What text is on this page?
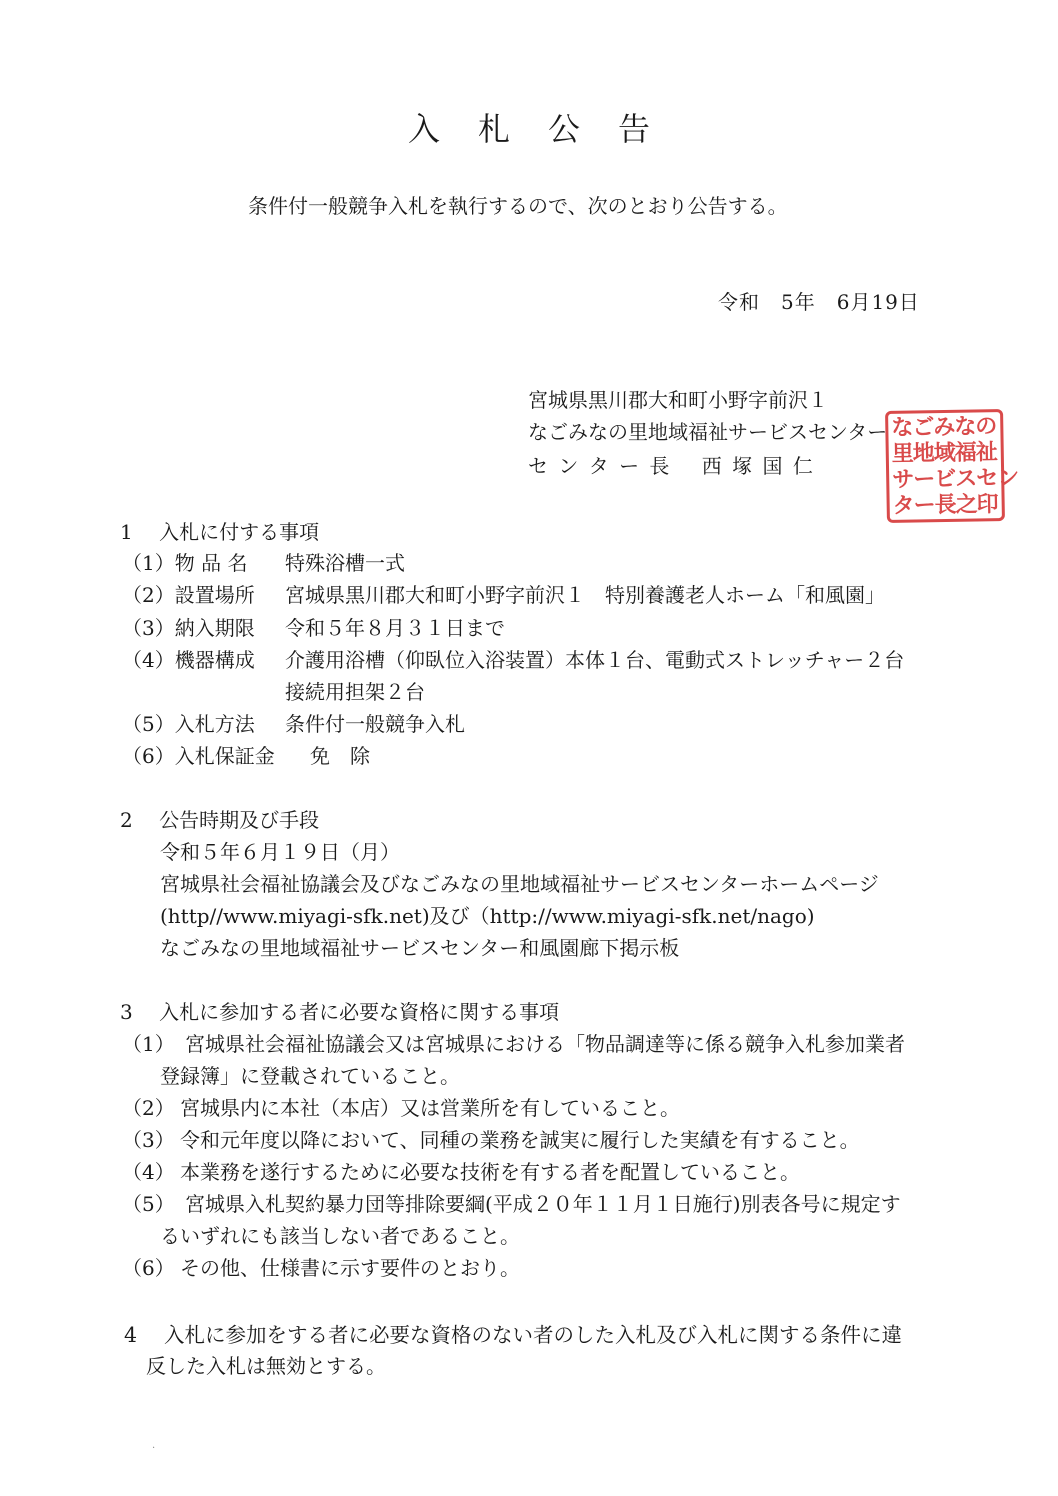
入札公告
条件付一般競争入札を執行するので、次のとおり公告する。
令和　5年　6月19日
宮城県黒川郡大和町小野字前沢１
なごみなの里地域福祉サービスセンター
セ ン タ ー 長　 西 塚 国 仁
なごみなの
里地域福祉
サービスセン
ター長之印
1　 入札に付する事項
（1）物 品 名 特殊浴槽一式
（2）設置場所 宮城県黒川郡大和町小野字前沢１　特別養護老人ホーム「和風園」
（3）納入期限 令和５年８月３１日まで
（4）機器構成 介護用浴槽（仰臥位入浴装置）本体１台、電動式ストレッチャー２台
接続用担架２台
（5）入札方法 条件付一般競争入札
（6）入札保証金 免　除
2　 公告時期及び手段
令和５年６月１９日（月）
宮城県社会福祉協議会及びなごみなの里地域福祉サービスセンターホームページ
(http//www.miyagi-sfk.net)及び（http://www.miyagi-sfk.net/nago)
なごみなの里地域福祉サービスセンター和風園廊下掲示板
3　 入札に参加する者に必要な資格に関する事項
（1） 宮城県社会福祉協議会又は宮城県における「物品調達等に係る競争入札参加業者
登録簿」に登載されていること。
（2） 宮城県内に本社（本店）又は営業所を有していること。
（3） 令和元年度以降において、同種の業務を誠実に履行した実績を有すること。
（4） 本業務を遂行するために必要な技術を有する者を配置していること。
（5） 宮城県入札契約暴力団等排除要綱(平成２０年１１月１日施行)別表各号に規定す
るいずれにも該当しない者であること。
（6） その他、仕様書に示す要件のとおり。
4　 入札に参加をする者に必要な資格のない者のした入札及び入札に関する条件に違
反した入札は無効とする。
.
